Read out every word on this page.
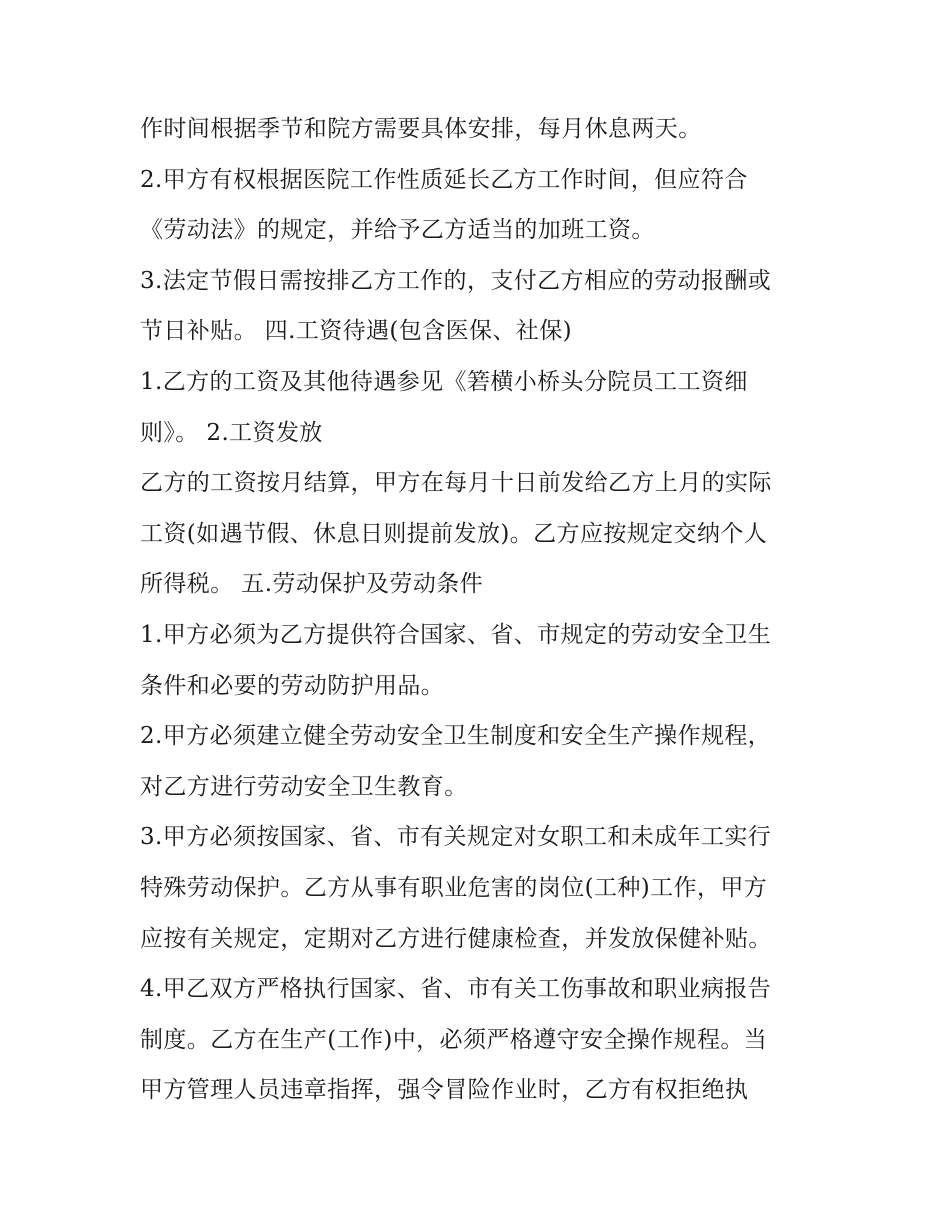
作时间根据季节和院方需要具体安排，每月休息两天。
2.甲方有权根据医院工作性质延长乙方工作时间，但应符合
《劳动法》的规定，并给予乙方适当的加班工资。
3.法定节假日需按排乙方工作的，支付乙方相应的劳动报酬或
节日补贴。 四.工资待遇(包含医保、社保)
1.乙方的工资及其他待遇参见《箬横小桥头分院员工工资细
则》。 2.工资发放
乙方的工资按月结算，甲方在每月十日前发给乙方上月的实际
工资(如遇节假、休息日则提前发放)。乙方应按规定交纳个人
所得税。 五.劳动保护及劳动条件
1.甲方必须为乙方提供符合国家、省、市规定的劳动安全卫生
条件和必要的劳动防护用品。
2.甲方必须建立健全劳动安全卫生制度和安全生产操作规程，
对乙方进行劳动安全卫生教育。
3.甲方必须按国家、省、市有关规定对女职工和未成年工实行
特殊劳动保护。乙方从事有职业危害的岗位(工种)工作，甲方
应按有关规定，定期对乙方进行健康检查，并发放保健补贴。
4.甲乙双方严格执行国家、省、市有关工伤事故和职业病报告
制度。乙方在生产(工作)中，必须严格遵守安全操作规程。当
甲方管理人员违章指挥，强令冒险作业时，乙方有权拒绝执
